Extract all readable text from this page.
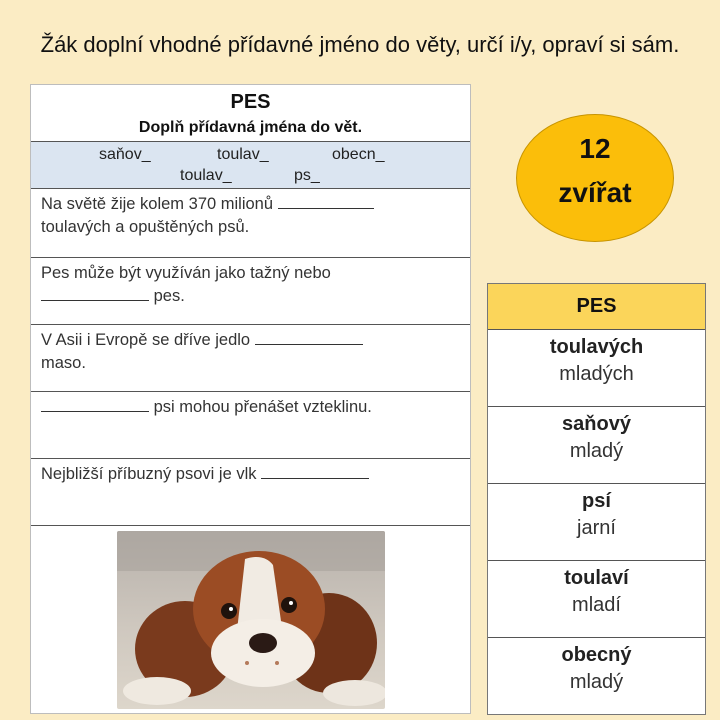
Žák doplní vhodné přídavné jméno do věty, určí i/y, opraví si sám.
PES
Doplň přídavná jména do vět.
saňov_	toulav_	obecn_
toulav_	ps_
Na světě žije kolem 370 milionů
toulavých a opuštěných psů.
Pes může být využíván jako tažný nebo
pes.
V Asii i Evropě se dříve jedlo
maso.
psi mohou přenášet vzteklinu.
Nejbližší příbuzný psovi je vlk
12
zvířat
PES
toulavých
mladých
saňový
mladý
psí
jarní
toulaví
mladí
obecný
mladý
